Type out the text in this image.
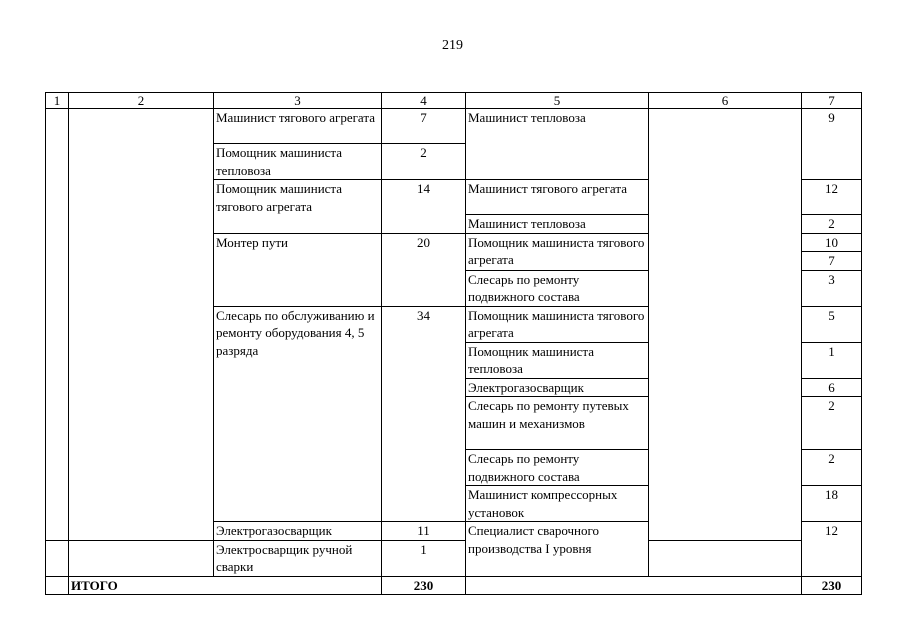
219
1	2	3	4	5	6	7
		Машинист тягового агрегата	7	Машинист тепловоза		9
		Помощник машиниста тепловоза	2			
		Помощник машиниста тягового агрегата	14	Машинист тягового агрегата		12
				Машинист тепловоза		2
		Монтер пути	20	Помощник машиниста тягового агрегата		10
						7
				Слесарь по ремонту подвижного состава		3

		Слесарь по обслуживанию и ремонту оборудования 4, 5 разряда	34	Помощник машиниста тягового агрегата		5
				Помощник машиниста тепловоза		1
				Электрогазосварщик		6
				Слесарь по ремонту путевых машин и механизмов		2
				Слесарь по ремонту подвижного состава		2
				Машинист компрессорных установок		18
		Электрогазосварщик	11	Специалист сварочного производства I уровня		12
		Электросварщик ручной сварки	1			
	ИТОГО		230			230
